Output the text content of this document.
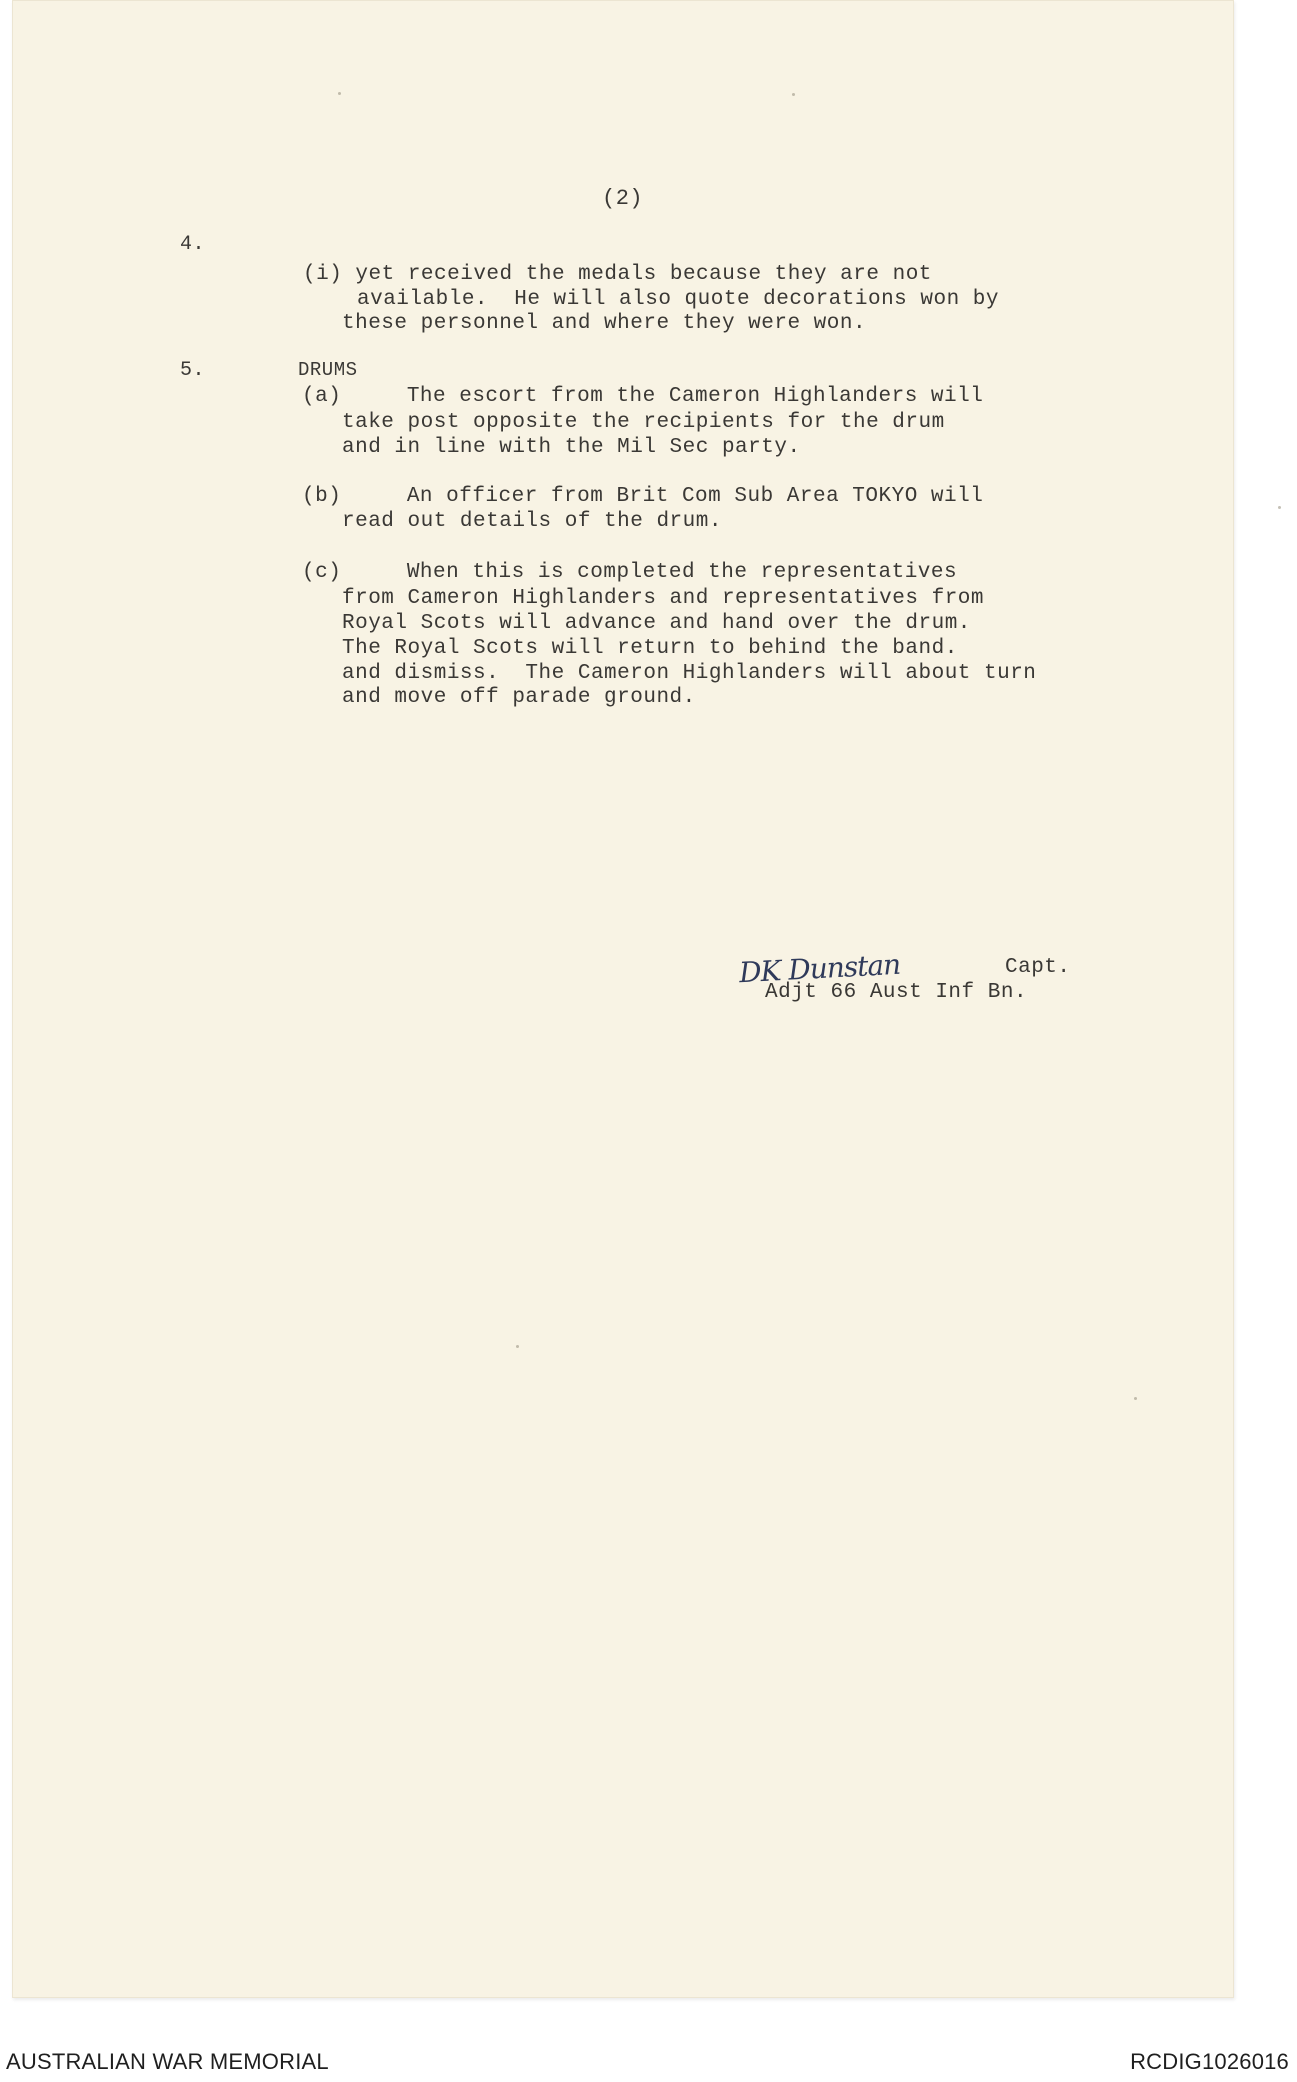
(2)
4.
(i) yet received the medals because they are not
available.  He will also quote decorations won by
these personnel and where they were won.
5.	DRUMS
(a)     The escort from the Cameron Highlanders will
take post opposite the recipients for the drum
and in line with the Mil Sec party.
(b)     An officer from Brit Com Sub Area TOKYO will
read out details of the drum.
(c)     When this is completed the representatives
from Cameron Highlanders and representatives from
Royal Scots will advance and hand over the drum.
The Royal Scots will return to behind the band.
and dismiss.  The Cameron Highlanders will about turn
and move off parade ground.
DK Dunstan	Capt.
Adjt 66 Aust Inf Bn.
AUSTRALIAN WAR MEMORIAL	RCDIG1026016
